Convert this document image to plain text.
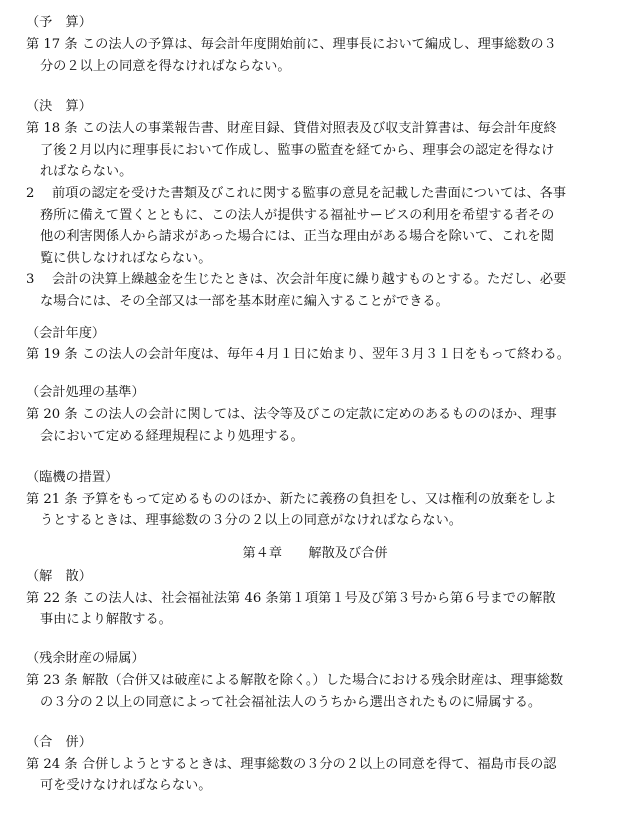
（予　算）
第 17 条 この法人の予算は、毎会計年度開始前に、理事長において編成し、理事総数の３
分の２以上の同意を得なければならない。
（決　算）
第 18 条 この法人の事業報告書、財産目録、貸借対照表及び収支計算書は、毎会計年度終
了後２月以内に理事長において作成し、監事の監査を経てから、理事会の認定を得なけ
ればならない。
2 前項の認定を受けた書類及びこれに関する監事の意見を記載した書面については、各事
務所に備えて置くとともに、この法人が提供する福祉サービスの利用を希望する者その
他の利害関係人から請求があった場合には、正当な理由がある場合を除いて、これを閲
覧に供しなければならない。
3 会計の決算上繰越金を生じたときは、次会計年度に繰り越すものとする。ただし、必要
な場合には、その全部又は一部を基本財産に編入することができる。
（会計年度）
第 19 条 この法人の会計年度は、毎年４月１日に始まり、翌年３月３１日をもって終わる。
（会計処理の基準）
第 20 条 この法人の会計に関しては、法令等及びこの定款に定めのあるもののほか、理事
会において定める経理規程により処理する。
（臨機の措置）
第 21 条 予算をもって定めるもののほか、新たに義務の負担をし、又は権利の放棄をしよ
うとするときは、理事総数の３分の２以上の同意がなければならない。
第４章　　解散及び合併
（解　散）
第 22 条 この法人は、社会福祉法第 46 条第１項第１号及び第３号から第６号までの解散
事由により解散する。
（残余財産の帰属）
第 23 条 解散（合併又は破産による解散を除く。）した場合における残余財産は、理事総数
の３分の２以上の同意によって社会福祉法人のうちから選出されたものに帰属する。
（合　併）
第 24 条 合併しようとするときは、理事総数の３分の２以上の同意を得て、福島市長の認
可を受けなければならない。
